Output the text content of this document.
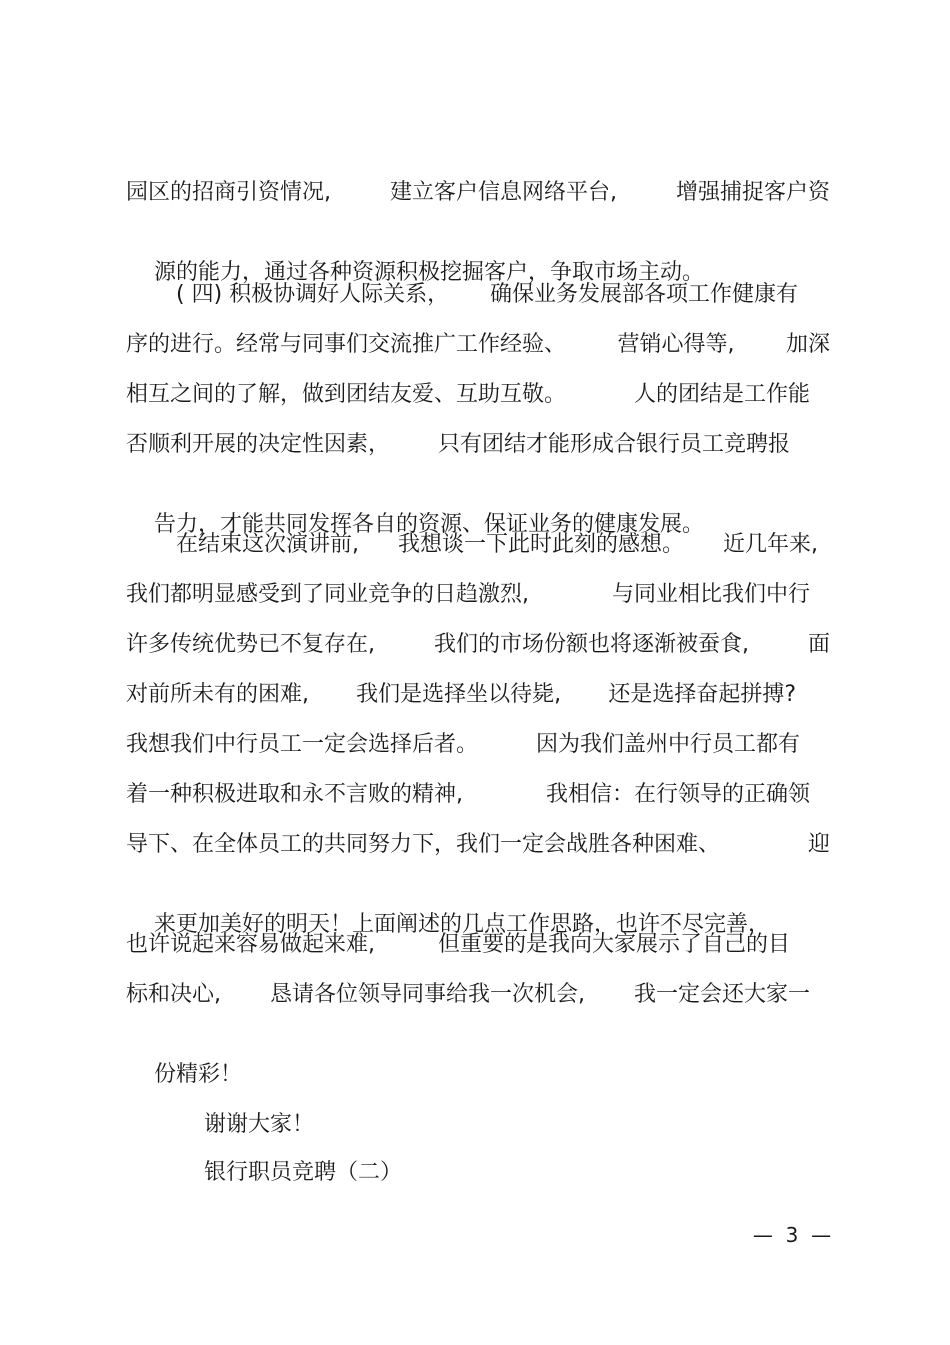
园区的招商引资情况,	建立客户信息网络平台,	增强捕捉客户资

源的能力，通过各种资源积极挖掘客户，争取市场主动。

( 四) 积极协调好人际关系， 确保业务发展部各项工作健康有
序的进行。经常与同事们交流推广工作经验、 营销心得等, 加深
相互之间的了解，做到团结友爱、互助互敬。	人的团结是工作能
否顺利开展的决定性因素， 只有团结才能形成合银行员工竞聘报

告力，才能共同发挥各自的资源、保证业务的健康发展。

在结束这次演讲前, 我想谈一下此时此刻的感想。 近几年来,
我们都明显感受到了同业竞争的日趋激烈,	与同业相比我们中行
许多传统优势已不复存在,	我们的市场份额也将逐渐被蚕食,	面
对前所未有的困难, 我们是选择坐以待毙, 还是选择奋起拼搏?
我想我们中行员工一定会选择后者。	因为我们盖州中行员工都有
着一种积极进取和永不言败的精神,	我相信：在行领导的正确领
导下、在全体员工的共同努力下，我们一定会战胜各种困难、	迎

来更加美好的明天！上面阐述的几点工作思路，也许不尽完善，

也许说起来容易做起来难,	但重要的是我向大家展示了自己的目
标和决心, 恳请各位领导同事给我一次机会, 我一定会还大家一

份精彩！

谢谢大家！

银行职员竞聘（二）

—  3  —
